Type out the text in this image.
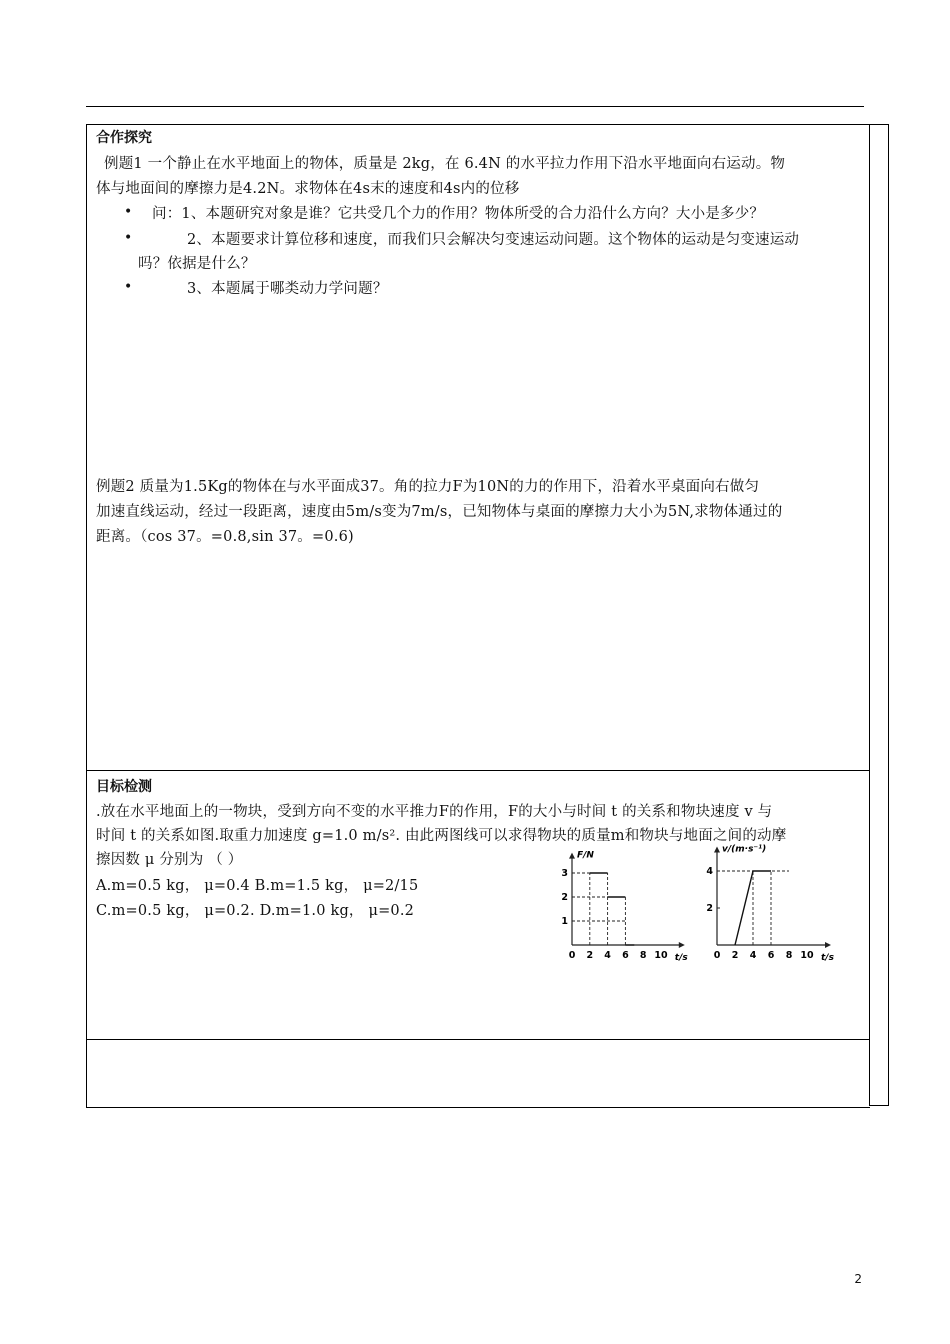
合作探究
例题1 一个静止在水平地面上的物体，质量是 2kg，在 6.4N 的水平拉力作用下沿水平地面向右运动。物
体与地面间的摩擦力是4.2N。求物体在4s末的速度和4s内的位移
• 问：1、本题研究对象是谁？它共受几个力的作用？物体所受的合力沿什么方向？大小是多少？
•	2、本题要求计算位移和速度，而我们只会解决匀变速运动问题。这个物体的运动是匀变速运动
吗？依据是什么？
•	3、本题属于哪类动力学问题？
例题2 质量为1.5Kg的物体在与水平面成37。角的拉力F为10N的力的作用下，沿着水平桌面向右做匀
加速直线运动，经过一段距离，速度由5m/s变为7m/s，已知物体与桌面的摩擦力大小为5N,求物体通过的
距离。（cos 37。=0.8,sin 37。=0.6)
目标检测
.放在水平地面上的一物块，受到方向不变的水平推力F的作用，F的大小与时间 t 的关系和物块速度 v 与
时间 t 的关系如图.取重力加速度 g=1.0 m/s². 由此两图线可以求得物块的质量m和物块与地面之间的动摩
擦因数 μ 分别为 （ ）
A.m=0.5 kg， μ=0.4 B.m=1.5 kg， μ=2/15
C.m=0.5 kg， μ=0.2. D.m=1.0 kg， μ=0.2
F/N
t/s
0 2 4 6 8 10
1
2
3
v/(m·s⁻¹)
t/s
0 2 4 6 8 10
2
4
2
